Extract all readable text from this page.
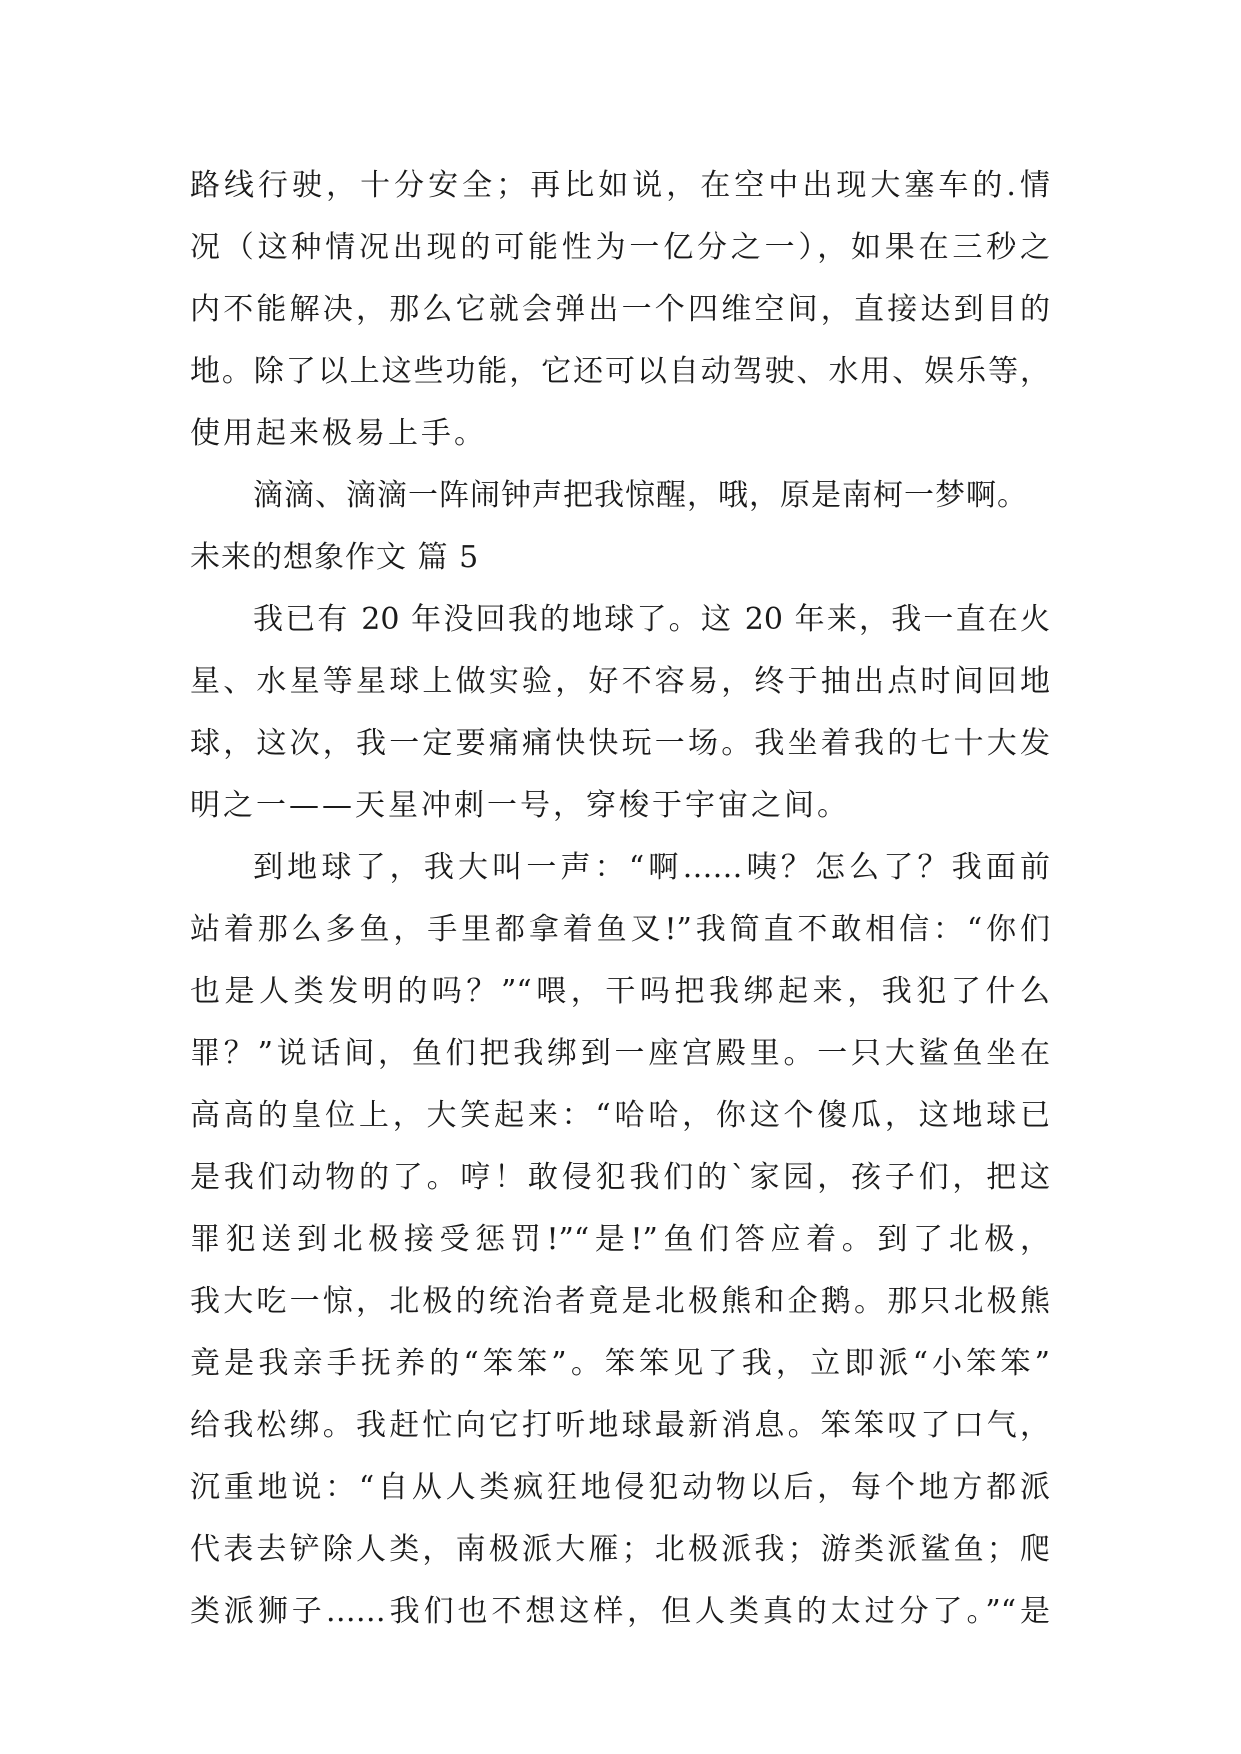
路线行驶，十分安全；再比如说，在空中出现大塞车的.情
况（这种情况出现的可能性为一亿分之一），如果在三秒之
内不能解决，那么它就会弹出一个四维空间，直接达到目的
地。除了以上这些功能，它还可以自动驾驶、水用、娱乐等，
使用起来极易上手。
滴滴、滴滴一阵闹钟声把我惊醒，哦，原是南柯一梦啊。
未来的想象作文 篇 5
我已有 20 年没回我的地球了。这 20 年来，我一直在火
星、水星等星球上做实验，好不容易，终于抽出点时间回地
球，这次，我一定要痛痛快快玩一场。我坐着我的七十大发
明之一——天星冲刺一号，穿梭于宇宙之间。
到地球了，我大叫一声：“啊……咦？怎么了？我面前
站着那么多鱼，手里都拿着鱼叉!”我简直不敢相信：“你们
也是人类发明的吗？”“喂，干吗把我绑起来，我犯了什么
罪？”说话间，鱼们把我绑到一座宫殿里。一只大鲨鱼坐在
高高的皇位上，大笑起来：“哈哈，你这个傻瓜，这地球已
是我们动物的了。哼！敢侵犯我们的`家园，孩子们，把这
罪犯送到北极接受惩罚!”“是!”鱼们答应着。到了北极，
我大吃一惊，北极的统治者竟是北极熊和企鹅。那只北极熊
竟是我亲手抚养的“笨笨”。笨笨见了我，立即派“小笨笨”
给我松绑。我赶忙向它打听地球最新消息。笨笨叹了口气，
沉重地说：“自从人类疯狂地侵犯动物以后，每个地方都派
代表去铲除人类，南极派大雁；北极派我；游类派鲨鱼；爬
类派狮子……我们也不想这样，但人类真的太过分了。”“是
